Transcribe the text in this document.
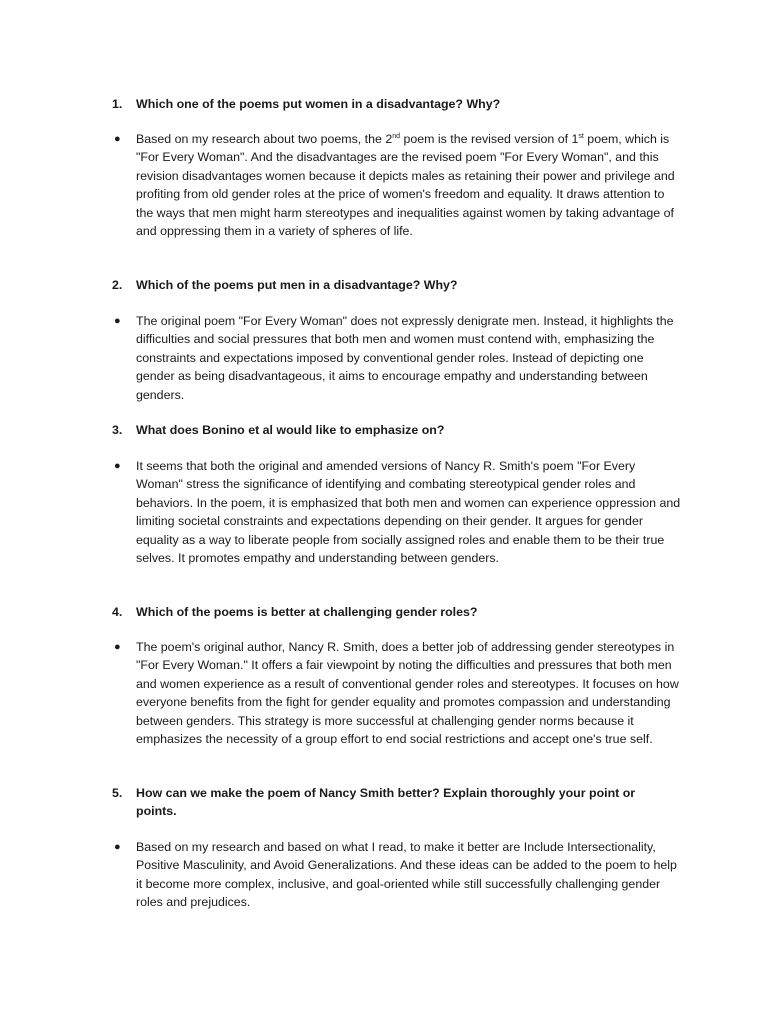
1.	Which one of the poems put women in a disadvantage? Why?
●	Based on my research about two poems, the 2nd poem is the revised version of 1st poem, which is "For Every Woman". And the disadvantages are the revised poem "For Every Woman", and this revision disadvantages women because it depicts males as retaining their power and privilege and profiting from old gender roles at the price of women's freedom and equality. It draws attention to the ways that men might harm stereotypes and inequalities against women by taking advantage of and oppressing them in a variety of spheres of life.
2.	Which of the poems put men in a disadvantage? Why?
●	The original poem "For Every Woman" does not expressly denigrate men. Instead, it highlights the difficulties and social pressures that both men and women must contend with, emphasizing the constraints and expectations imposed by conventional gender roles. Instead of depicting one gender as being disadvantageous, it aims to encourage empathy and understanding between genders.
3.	What does Bonino et al would like to emphasize on?
●	It seems that both the original and amended versions of Nancy R. Smith's poem "For Every Woman" stress the significance of identifying and combating stereotypical gender roles and behaviors. In the poem, it is emphasized that both men and women can experience oppression and limiting societal constraints and expectations depending on their gender. It argues for gender equality as a way to liberate people from socially assigned roles and enable them to be their true selves. It promotes empathy and understanding between genders.
4.	Which of the poems is better at challenging gender roles?
●	The poem's original author, Nancy R. Smith, does a better job of addressing gender stereotypes in "For Every Woman." It offers a fair viewpoint by noting the difficulties and pressures that both men and women experience as a result of conventional gender roles and stereotypes. It focuses on how everyone benefits from the fight for gender equality and promotes compassion and understanding between genders. This strategy is more successful at challenging gender norms because it emphasizes the necessity of a group effort to end social restrictions and accept one's true self.
5.	How can we make the poem of Nancy Smith better? Explain thoroughly your point or points.
●	Based on my research and based on what I read, to make it better are Include Intersectionality, Positive Masculinity, and Avoid Generalizations. And these ideas can be added to the poem to help it become more complex, inclusive, and goal-oriented while still successfully challenging gender roles and prejudices.
